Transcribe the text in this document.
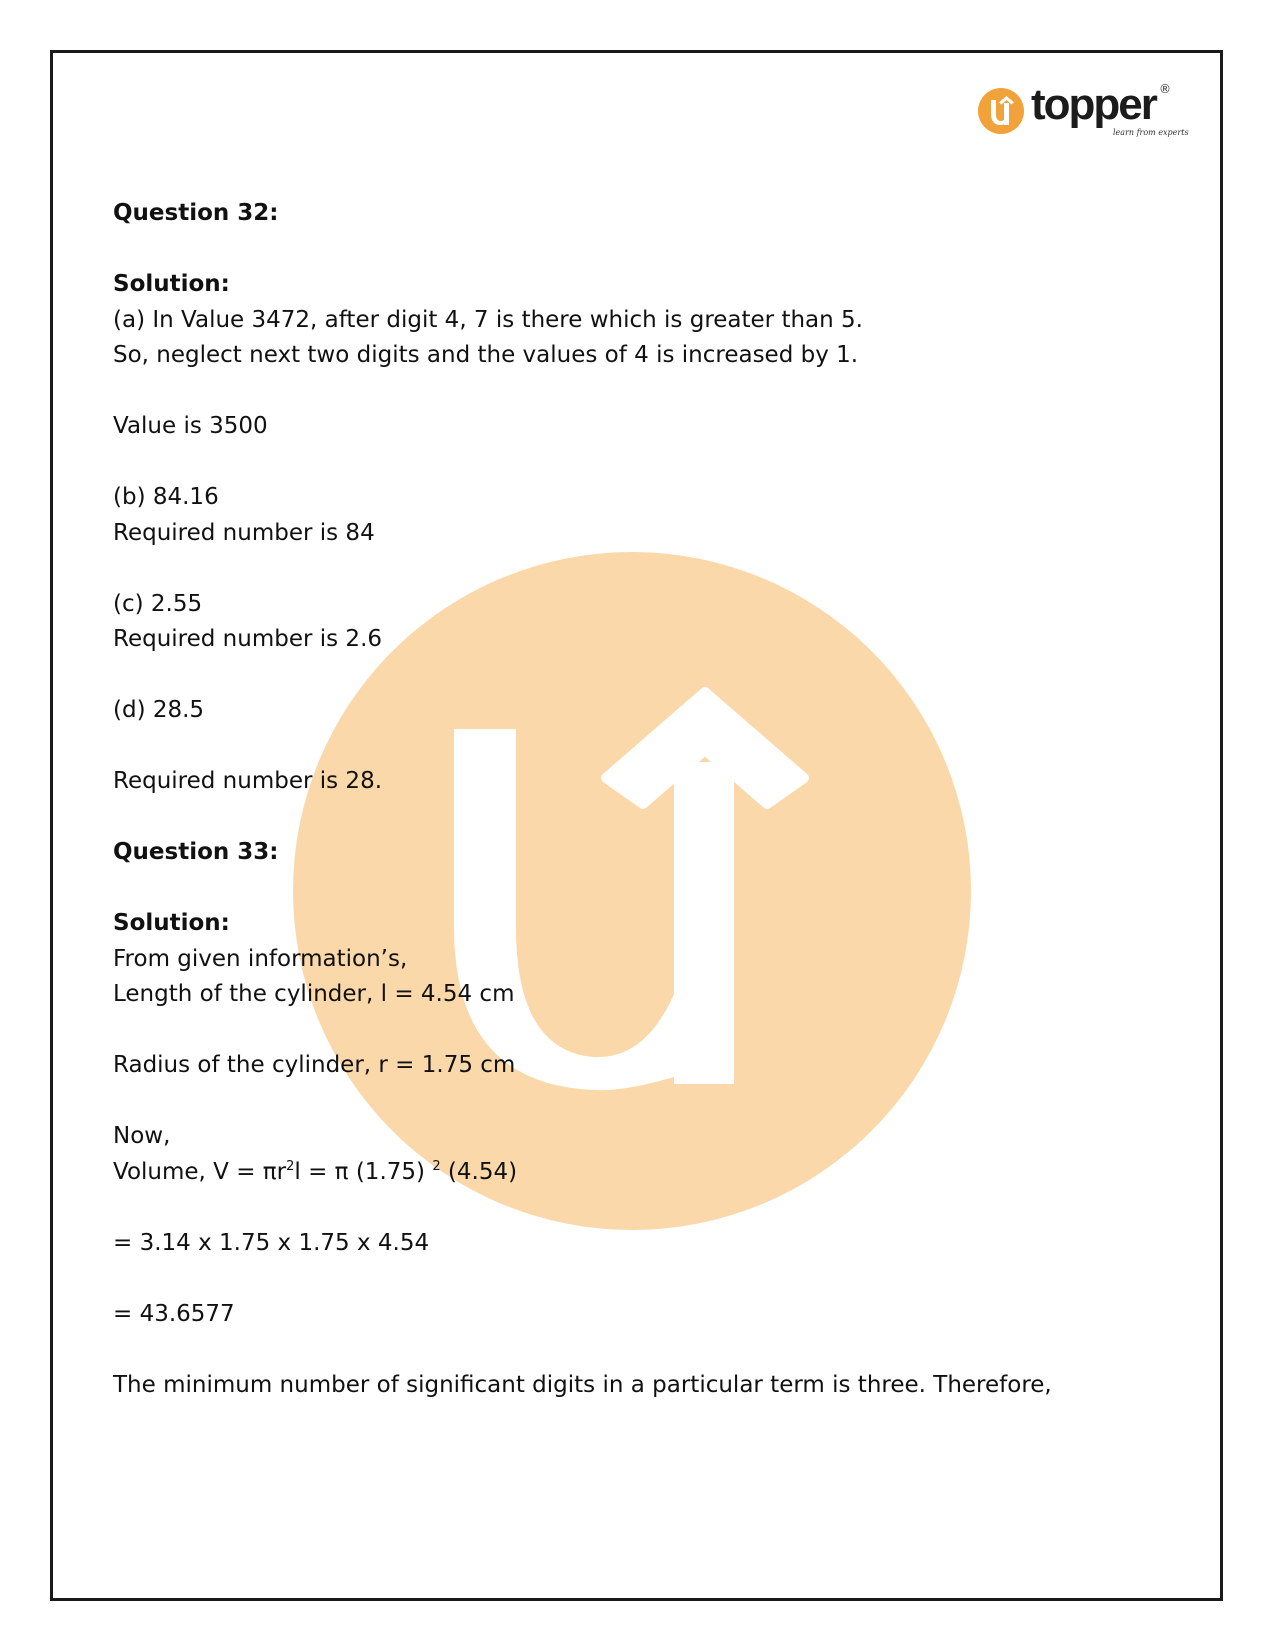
topper ®
learn from experts
Question 32:
Solution:
(a) In Value 3472, after digit 4, 7 is there which is greater than 5.
So, neglect next two digits and the values of 4 is increased by 1.
Value is 3500
(b) 84.16
Required number is 84
(c) 2.55
Required number is 2.6
(d) 28.5
Required number is 28.
Question 33:
Solution:
From given information’s,
Length of the cylinder, l = 4.54 cm
Radius of the cylinder, r = 1.75 cm
Now,
Volume, $V = \pi r^2l = \pi$ (1.75) $^2$ (4.54)
= 3.14 x 1.75 x 1.75 x 4.54
= 43.6577
The minimum number of significant digits in a particular term is three. Therefore,
